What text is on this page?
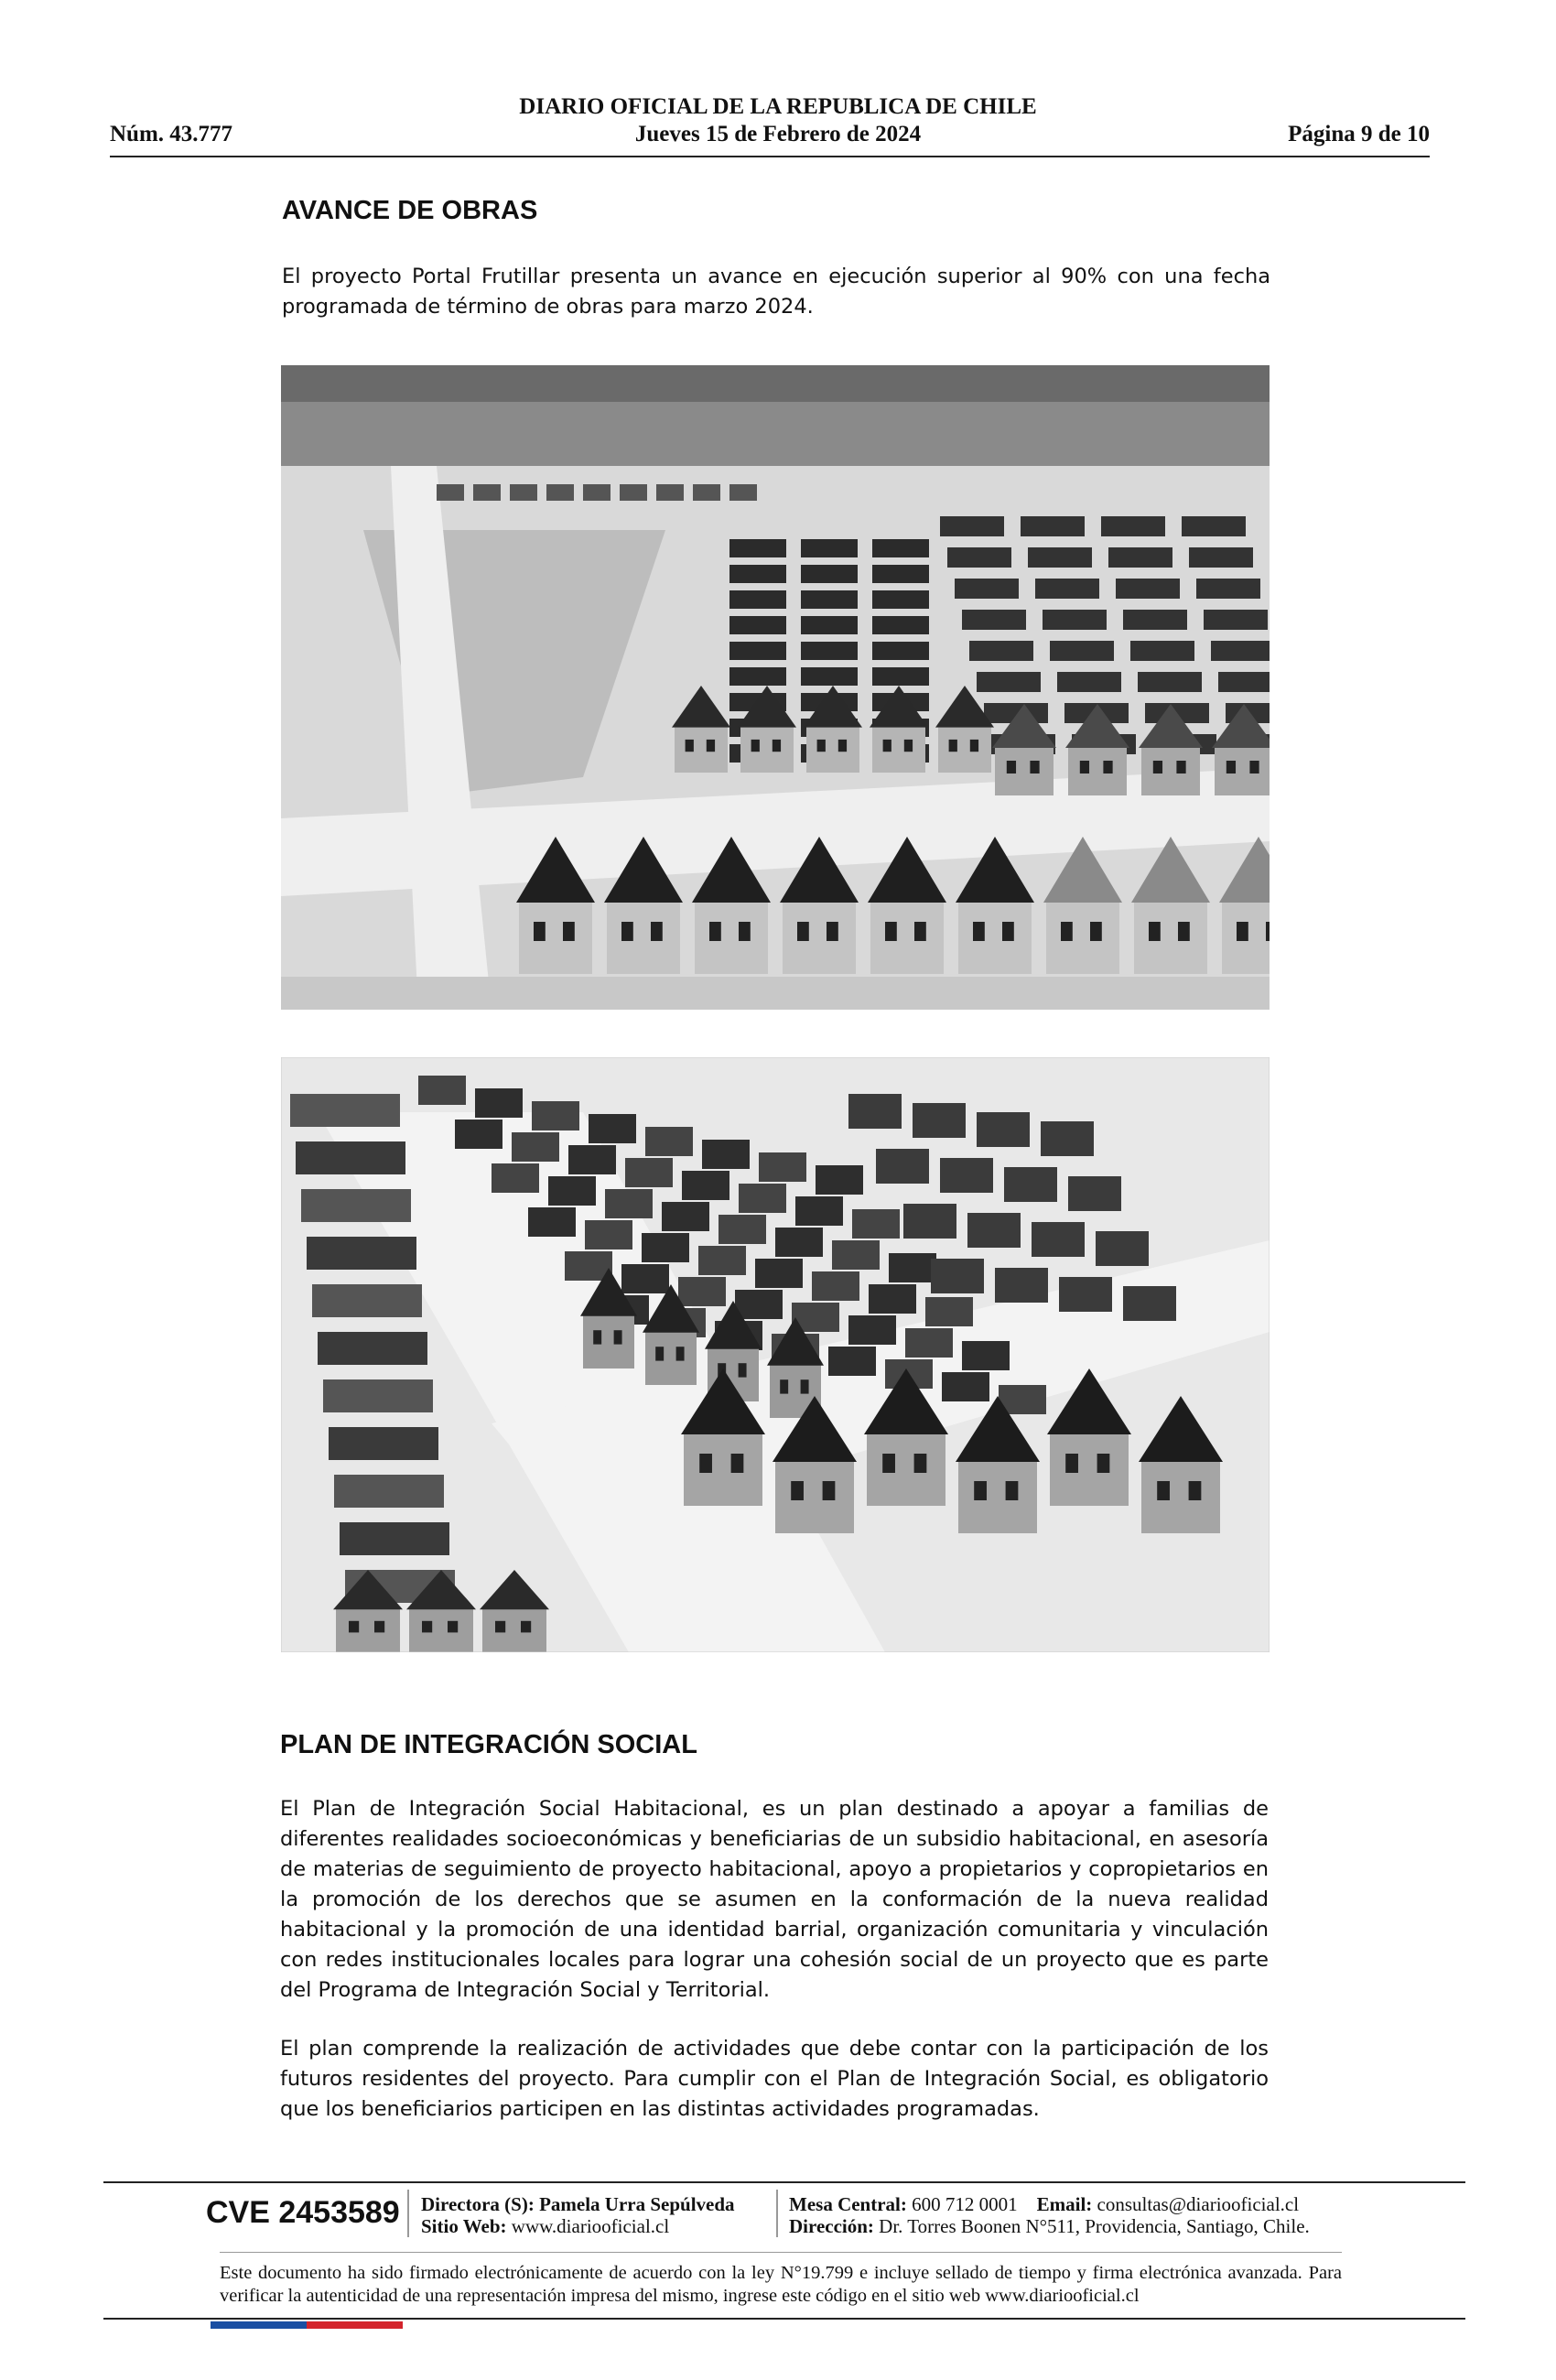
DIARIO OFICIAL DE LA REPUBLICA DE CHILE
Núm. 43.777	Jueves 15 de Febrero de 2024	Página 9 de 10
AVANCE DE OBRAS
El proyecto Portal Frutillar presenta un avance en ejecución superior al 90% con una fecha programada de término de obras para marzo 2024.
PLAN DE INTEGRACIÓN SOCIAL
El Plan de Integración Social Habitacional, es un plan destinado a apoyar a familias de diferentes realidades socioeconómicas y beneficiarias de un subsidio habitacional, en asesoría de materias de seguimiento de proyecto habitacional, apoyo a propietarios y copropietarios en la promoción de los derechos que se asumen en la conformación de la nueva realidad habitacional y la promoción de una identidad barrial, organización comunitaria y vinculación con redes institucionales locales para lograr una cohesión social de un proyecto que es parte del Programa de Integración Social y Territorial.
El plan comprende la realización de actividades que debe contar con la participación de los futuros residentes del proyecto. Para cumplir con el Plan de Integración Social, es obligatorio que los beneficiarios participen en las distintas actividades programadas.
CVE 2453589 Directora (S): Pamela Urra Sepúlveda
Sitio Web: www.diariooficial.cl
Mesa Central: 600 712 0001 Email: consultas@diariooficial.cl
Dirección: Dr. Torres Boonen N°511, Providencia, Santiago, Chile.
Este documento ha sido firmado electrónicamente de acuerdo con la ley N°19.799 e incluye sellado de tiempo y firma electrónica avanzada. Para verificar la autenticidad de una representación impresa del mismo, ingrese este código en el sitio web www.diariooficial.cl
